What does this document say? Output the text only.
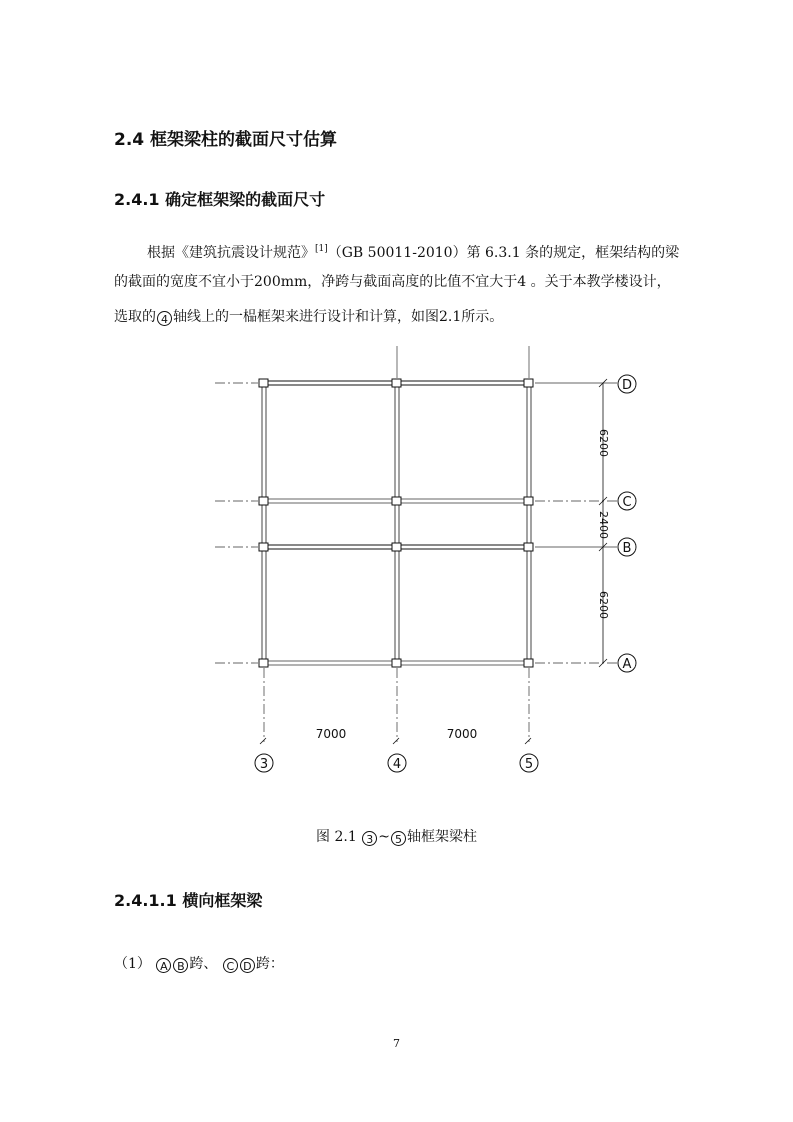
2.4 框架梁柱的截面尺寸估算
2.4.1 确定框架梁的截面尺寸
根据《建筑抗震设计规范》[1]（GB 50011-2010）第 6.3.1 条的规定，框架结构的梁
的截面的宽度不宜小于200mm，净跨与截面高度的比值不宜大于4 。关于本教学楼设计，
选取的 4 轴线上的一榀框架来进行设计和计算，如图2.1所示。
6200
2400
6200
7000	7000
3	4	5
D
C
B
A
图 2.1 3 ~ 5 轴框架梁柱
2.4.1.1 横向框架梁
（1） A B 跨、 C D 跨：
7
